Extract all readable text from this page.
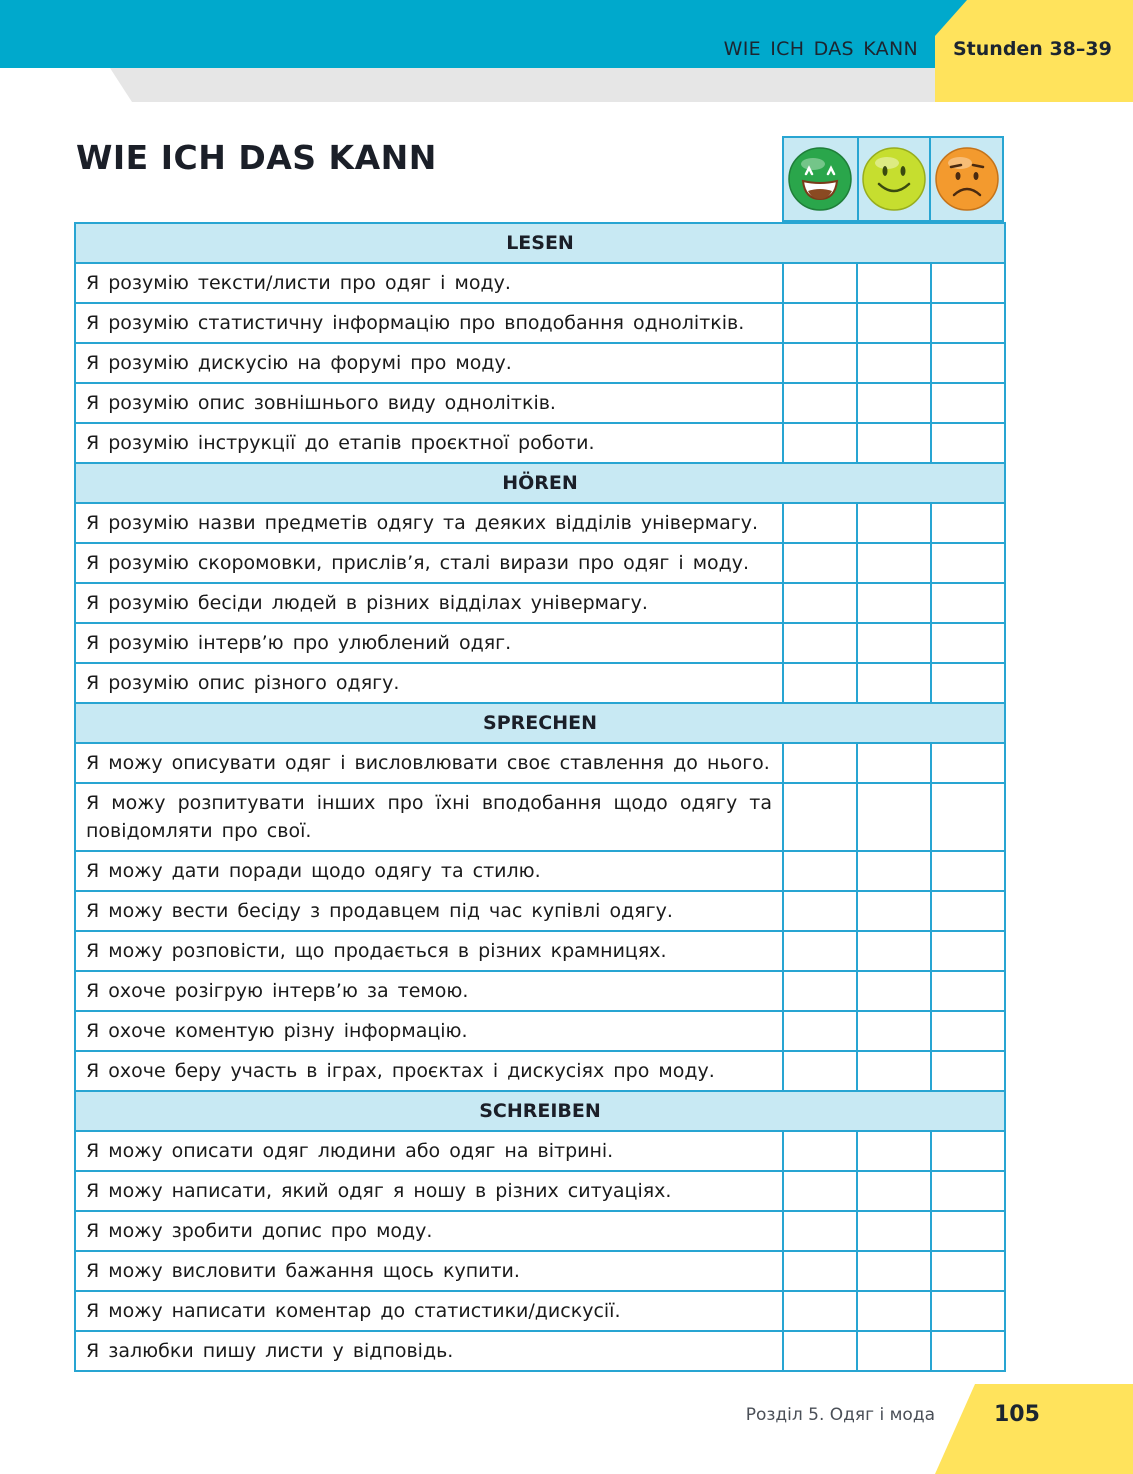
WIE ICH DAS KANN Stunden 38–39
WIE ICH DAS KANN
LESEN			
Я розумію тексти/листи про одяг і моду.			
Я розумію статистичну інформацію про вподобання однолітків.			
Я розумію дискусію на форумі про моду.			
Я розумію опис зовнішнього виду однолітків.			
Я розумію інструкції до етапів проєктної роботи.			
HÖREN			
Я розумію назви предметів одягу та деяких відділів універмагу.			
Я розумію скоромовки, прислів’я, сталі вирази про одяг і моду.			
Я розумію бесіди людей в різних відділах універмагу.			
Я розумію інтерв’ю про улюблений одяг.			
Я розумію опис різного одягу.			
SPRECHEN			
Я можу описувати одяг і висловлювати своє ставлення до нього.			
Я можу розпитувати інших про їхні вподобання щодо одягу та повідомляти про свої.			
Я можу дати поради щодо одягу та стилю.			
Я можу вести бесіду з продавцем під час купівлі одягу.			
Я можу розповісти, що продається в різних крамницях.			
Я охоче розігрую інтерв’ю за темою.			
Я охоче коментую різну інформацію.			
Я охоче беру участь в іграх, проєктах і дискусіях про моду.			
SCHREIBEN			
Я можу описати одяг людини або одяг на вітрині.			
Я можу написати, який одяг я ношу в різних ситуаціях.			
Я можу зробити допис про моду.			
Я можу висловити бажання щось купити.			
Я можу написати коментар до статистики/дискусії.			
Я залюбки пишу листи у відповідь.			
Розділ 5. Одяг і мода	105
